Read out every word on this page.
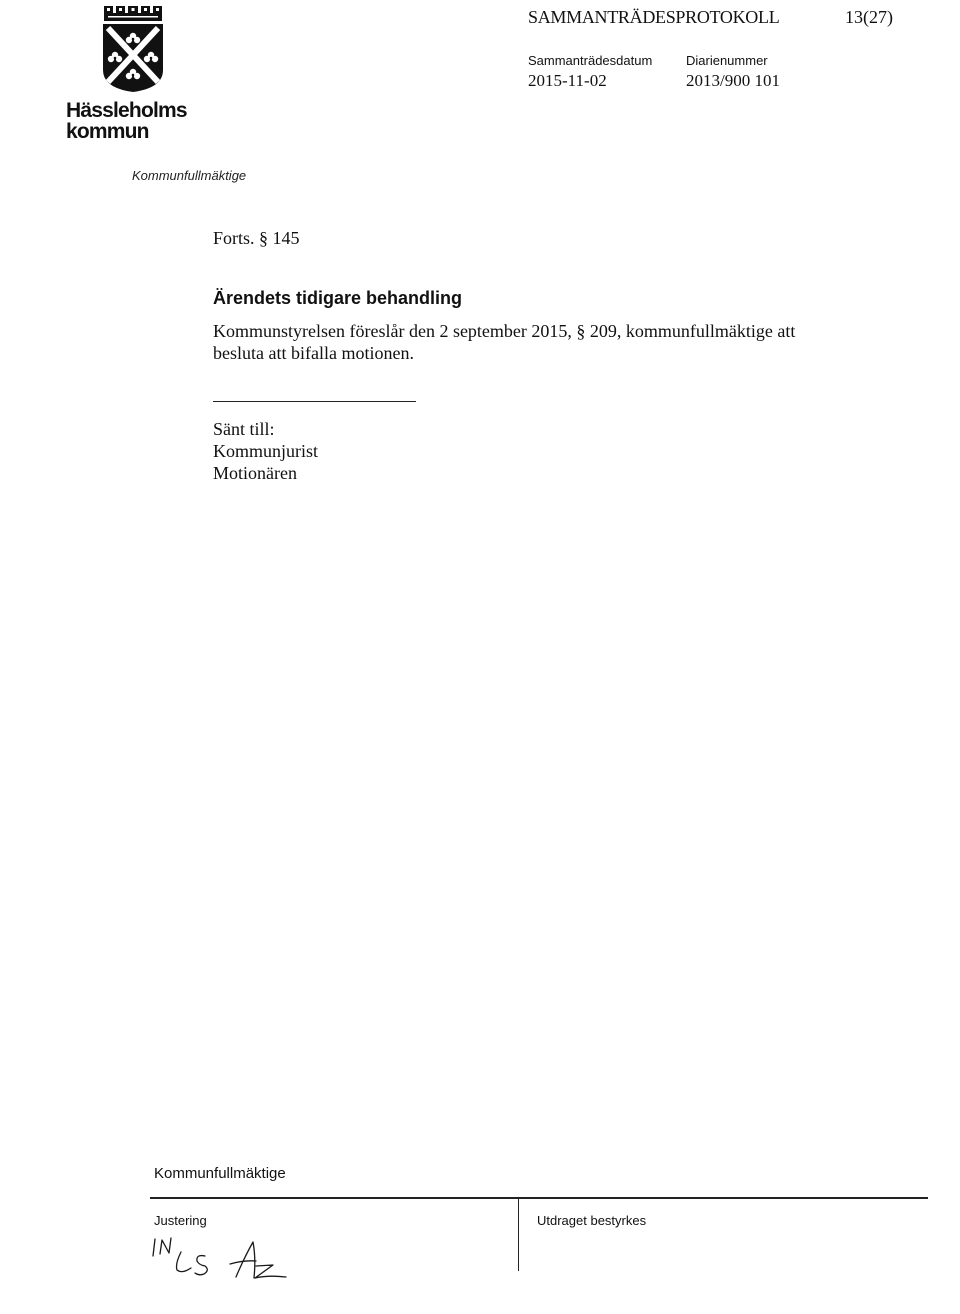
Hässleholms
kommun
Kommunfullmäktige
SAMMANTRÄDESPROTOKOLL	13(27)
Sammanträdesdatum
2015-11-02
Diarienummer
2013/900 101
Forts. § 145
Ärendets tidigare behandling
Kommunstyrelsen föreslår den 2 september 2015, § 209, kommunfullmäktige att besluta att bifalla motionen.
Sänt till:
Kommunjurist
Motionären
Kommunfullmäktige
Justering	Utdraget bestyrkes
